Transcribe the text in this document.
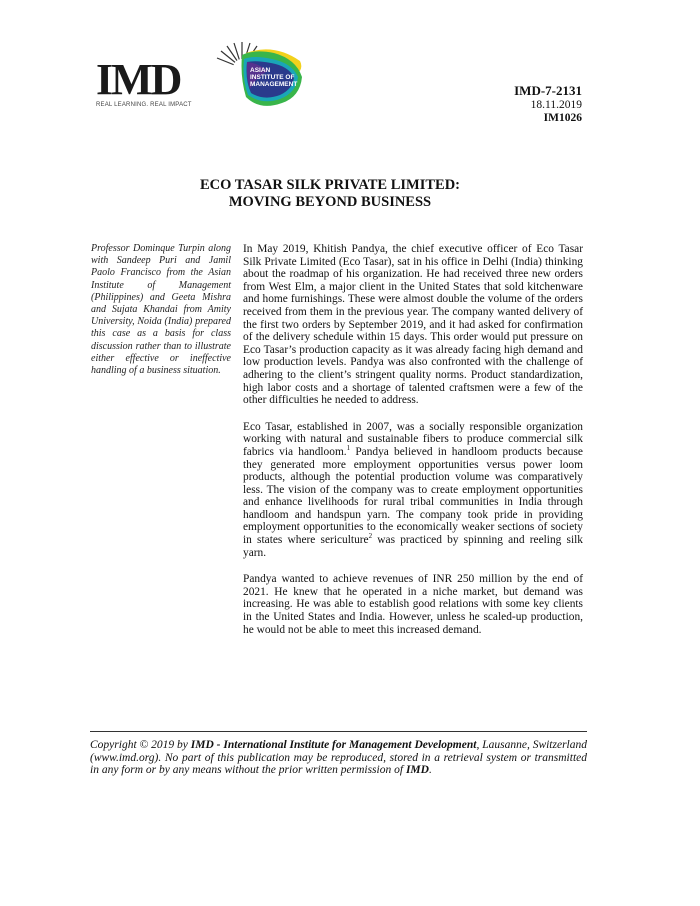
IMD
REAL LEARNING. REAL IMPACT
ASIAN
INSTITUTE OF
MANAGEMENT	IMD-7-2131
18.11.2019
IM1026
ECO TASAR SILK PRIVATE LIMITED:
MOVING BEYOND BUSINESS
Professor Dominque Turpin along with Sandeep Puri and Jamil Paolo Francisco from the Asian Institute of Management (Philippines) and Geeta Mishra and Sujata Khandai from Amity University, Noida (India) prepared this case as a basis for class discussion rather than to illustrate either effective or ineffective handling of a business situation.

In May 2019, Khitish Pandya, the chief executive officer of Eco Tasar Silk Private Limited (Eco Tasar), sat in his office in Delhi (India) thinking about the roadmap of his organization. He had received three new orders from West Elm, a major client in the United States that sold kitchenware and home furnishings. These were almost double the volume of the orders received from them in the previous year. The company wanted delivery of the first two orders by September 2019, and it had asked for confirmation of the delivery schedule within 15 days. This order would put pressure on Eco Tasar’s production capacity as it was already facing high demand and low production levels. Pandya was also confronted with the challenge of adhering to the client’s stringent quality norms. Product standardization, high labor costs and a shortage of talented craftsmen were a few of the other difficulties he needed to address.

Eco Tasar, established in 2007, was a socially responsible organization working with natural and sustainable fibers to produce commercial silk fabrics via handloom.$^1$ Pandya believed in handloom products because they generated more employment opportunities versus power loom products, although the potential production volume was comparatively less. The vision of the company was to create employment opportunities and enhance livelihoods for rural tribal communities in India through handloom and handspun yarn. The company took pride in providing employment opportunities to the economically weaker sections of society in states where sericulture$^2$ was practiced by spinning and reeling silk yarn.

Pandya wanted to achieve revenues of INR 250 million by the end of 2021. He knew that he operated in a niche market, but demand was increasing. He was able to establish good relations with some key clients in the United States and India. However, unless he scaled-up production, he would not be able to meet this increased demand.

Copyright © 2019 by IMD - International Institute for Management Development, Lausanne, Switzerland (www.imd.org). No part of this publication may be reproduced, stored in a retrieval system or transmitted in any form or by any means without the prior written permission of IMD.
